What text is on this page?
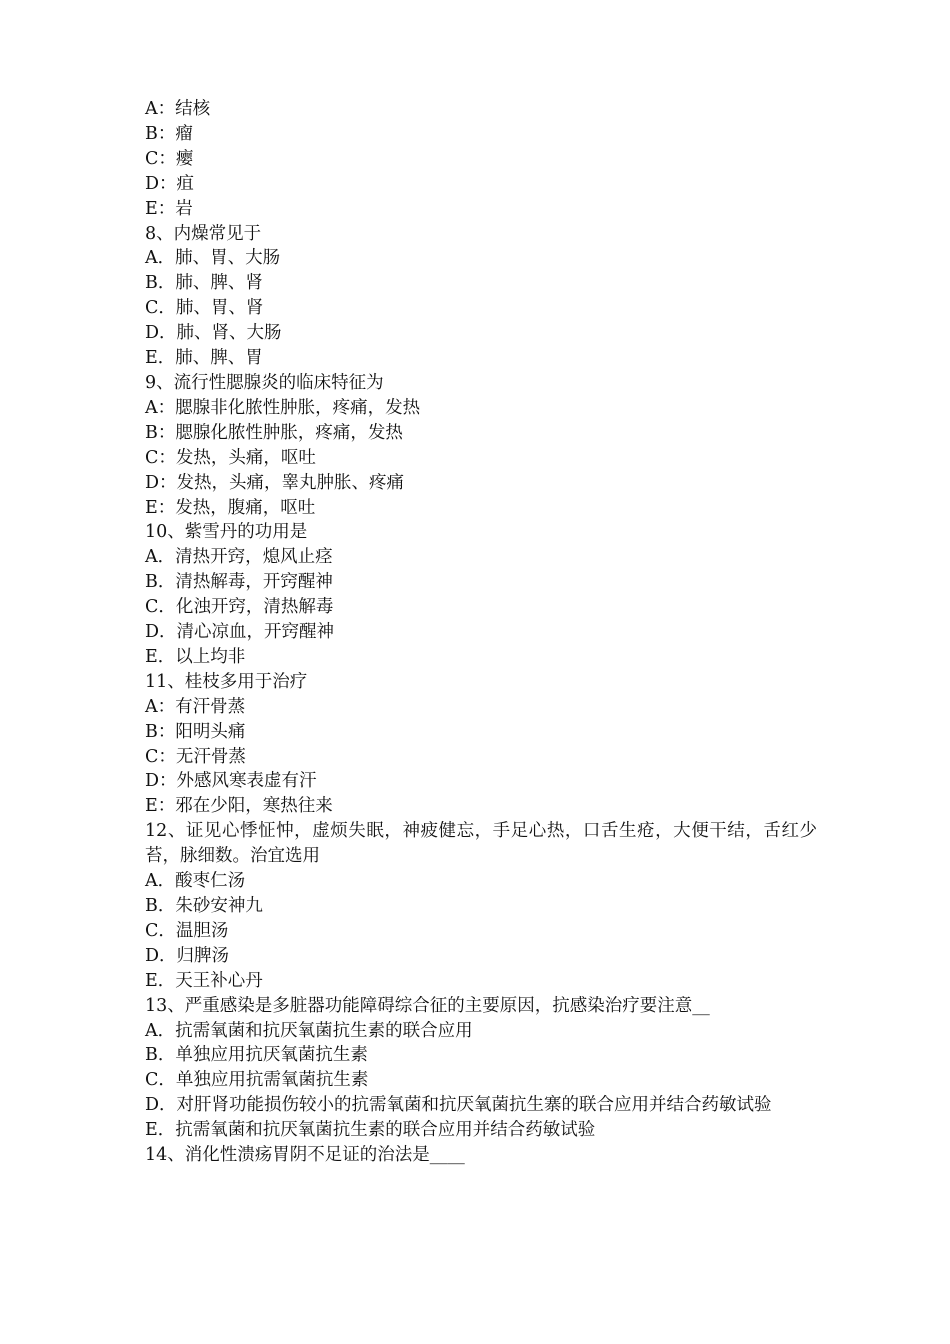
A：结核
B：瘤
C：瘿
D：疽
E：岩
8、内燥常见于
A．肺、胃、大肠
B．肺、脾、肾
C．肺、胃、肾
D．肺、肾、大肠
E．肺、脾、胃
9、流行性腮腺炎的临床特征为
A：腮腺非化脓性肿胀，疼痛，发热
B：腮腺化脓性肿胀，疼痛，发热
C：发热，头痛，呕吐
D：发热，头痛，睾丸肿胀、疼痛
E：发热，腹痛，呕吐
10、紫雪丹的功用是
A．清热开窍，熄风止痉
B．清热解毒，开窍醒神
C．化浊开窍，清热解毒
D．清心凉血，开窍醒神
E．以上均非
11、桂枝多用于治疗
A：有汗骨蒸
B：阳明头痛
C：无汗骨蒸
D：外感风寒表虚有汗
E：邪在少阳，寒热往来
12、证见心悸怔忡，虚烦失眠，神疲健忘，手足心热，口舌生疮，大便干结，舌红少苔，脉细数。治宜选用
A．酸枣仁汤
B．朱砂安神九
C．温胆汤
D．归脾汤
E．天王补心丹
13、严重感染是多脏器功能障碍综合征的主要原因，抗感染治疗要注意__
A．抗需氧菌和抗厌氧菌抗生素的联合应用
B．单独应用抗厌氧菌抗生素
C．单独应用抗需氧菌抗生素
D．对肝肾功能损伤较小的抗需氧菌和抗厌氧菌抗生寨的联合应用并结合药敏试验
E．抗需氧菌和抗厌氧菌抗生素的联合应用并结合药敏试验
14、消化性溃疡胃阴不足证的治法是____
